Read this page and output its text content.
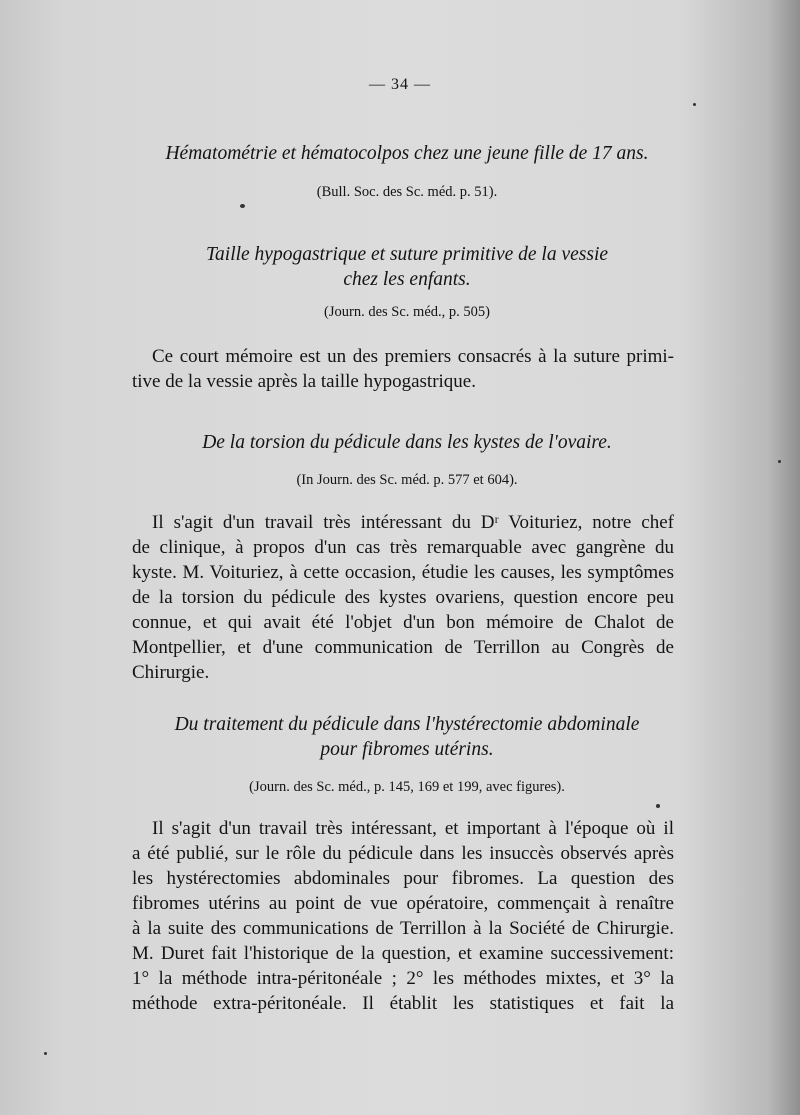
— 34 —
Hématométrie et hématocolpos chez une jeune fille de 17 ans.
(Bull. Soc. des Sc. méd. p. 51).
Taille hypogastrique et suture primitive de la vessie
chez les enfants.
(Journ. des Sc. méd., p. 505)
Ce court mémoire est un des premiers consacrés à la suture primi-
tive de la vessie après la taille hypogastrique.
De la torsion du pédicule dans les kystes de l'ovaire.
(In Journ. des Sc. méd. p. 577 et 604).
Il s'agit d'un travail très intéressant du Dʳ Voituriez, notre chef
de clinique, à propos d'un cas très remarquable avec gangrène du
kyste. M. Voituriez, à cette occasion, étudie les causes, les symptômes
de la torsion du pédicule des kystes ovariens, question encore peu
connue, et qui avait été l'objet d'un bon mémoire de Chalot de
Montpellier, et d'une communication de Terrillon au Congrès de
Chirurgie.
Du traitement du pédicule dans l'hystérectomie abdominale
pour fibromes utérins.
(Journ. des Sc. méd., p. 145, 169 et 199, avec figures).
Il s'agit d'un travail très intéressant, et important à l'époque où il
a été publié, sur le rôle du pédicule dans les insuccès observés après
les hystérectomies abdominales pour fibromes. La question des
fibromes utérins au point de vue opératoire, commençait à renaître
à la suite des communications de Terrillon à la Société de Chirurgie.
M. Duret fait l'historique de la question, et examine successivement:
1° la méthode intra-péritonéale ; 2° les méthodes mixtes, et 3° la
méthode extra-péritonéale. Il établit les statistiques et fait la
